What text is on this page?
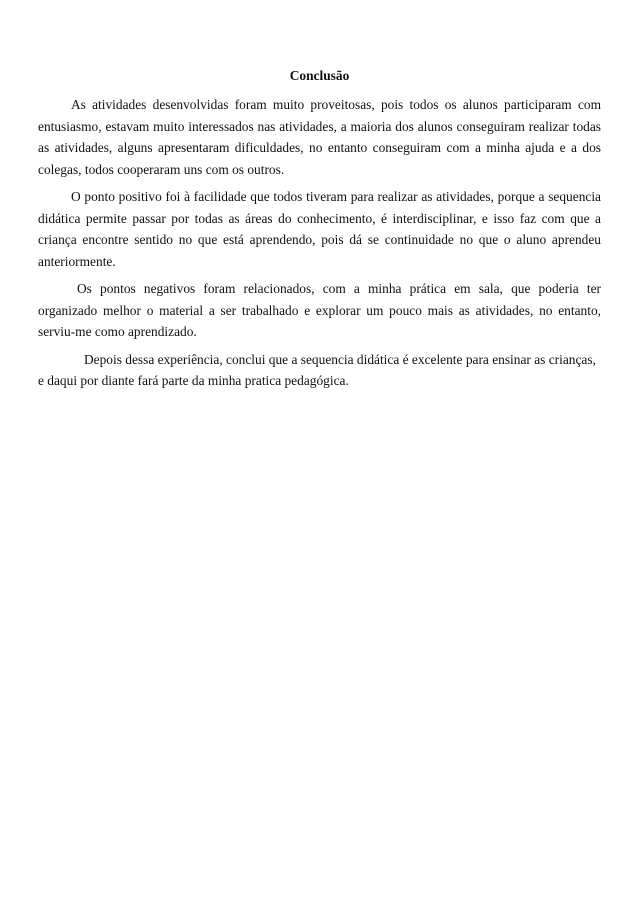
Conclusão

As atividades desenvolvidas foram muito proveitosas, pois todos os alunos participaram com entusiasmo, estavam muito interessados nas atividades, a maioria dos alunos conseguiram realizar todas as atividades, alguns apresentaram dificuldades, no entanto conseguiram com a minha ajuda e a dos colegas, todos cooperaram uns com os outros.

O ponto positivo foi à facilidade que todos tiveram para realizar as atividades, porque a sequencia didática permite passar por todas as áreas do conhecimento, é interdisciplinar, e isso faz com que a criança encontre sentido no que está aprendendo, pois dá se continuidade no que o aluno aprendeu anteriormente.

Os pontos negativos foram relacionados, com a minha prática em sala, que poderia ter organizado melhor o material a ser trabalhado e explorar um pouco mais as atividades, no entanto, serviu-me como aprendizado.

Depois dessa experiência, conclui que a sequencia didática é excelente para ensinar as crianças, e daqui por diante fará parte da minha pratica pedagógica.
